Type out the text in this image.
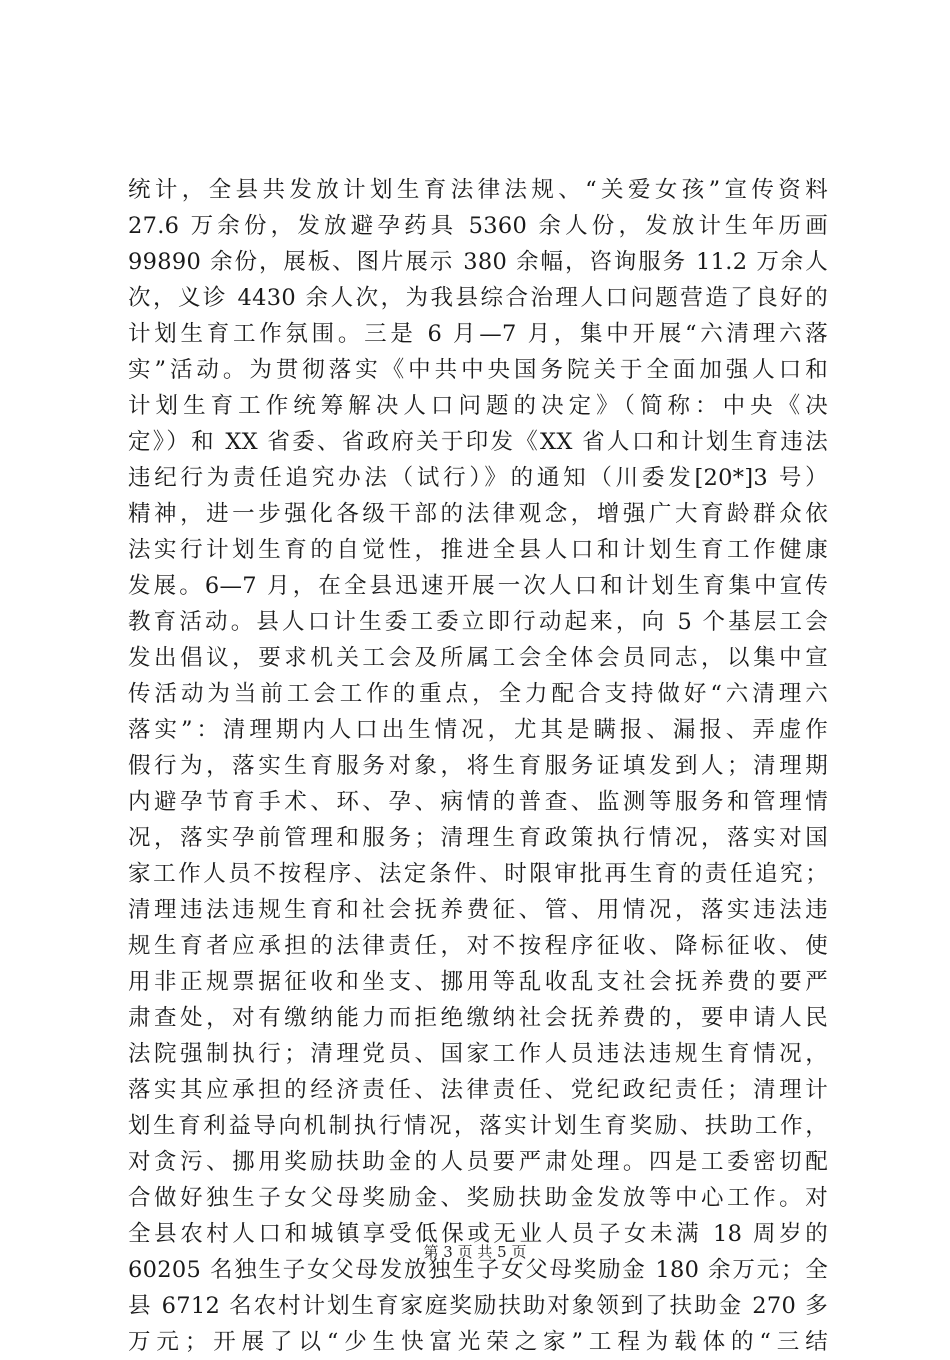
统计，全县共发放计划生育法律法规、“关爱女孩”宣传资料
27.6 万余份，发放避孕药具 5360 余人份，发放计生年历画
99890 余份，展板、图片展示 380 余幅，咨询服务 11.2 万余人
次，义诊 4430 余人次，为我县综合治理人口问题营造了良好的
计划生育工作氛围。三是 6 月—7 月，集中开展“六清理六落
实”活动。为贯彻落实《中共中央国务院关于全面加强人口和
计划生育工作统筹解决人口问题的决定》（简称：中央《决
定》）和 XX 省委、省政府关于印发《XX 省人口和计划生育违法
违纪行为责任追究办法（试行）》的通知（川委发[20*]3 号）
精神，进一步强化各级干部的法律观念，增强广大育龄群众依
法实行计划生育的自觉性，推进全县人口和计划生育工作健康
发展。6—7 月，在全县迅速开展一次人口和计划生育集中宣传
教育活动。县人口计生委工委立即行动起来，向 5 个基层工会
发出倡议，要求机关工会及所属工会全体会员同志，以集中宣
传活动为当前工会工作的重点，全力配合支持做好“六清理六
落实”：清理期内人口出生情况，尤其是瞒报、漏报、弄虚作
假行为，落实生育服务对象，将生育服务证填发到人；清理期
内避孕节育手术、环、孕、病情的普查、监测等服务和管理情
况，落实孕前管理和服务；清理生育政策执行情况，落实对国
家工作人员不按程序、法定条件、时限审批再生育的责任追究；
清理违法违规生育和社会抚养费征、管、用情况，落实违法违
规生育者应承担的法律责任，对不按程序征收、降标征收、使
用非正规票据征收和坐支、挪用等乱收乱支社会抚养费的要严
肃查处，对有缴纳能力而拒绝缴纳社会抚养费的，要申请人民
法院强制执行；清理党员、国家工作人员违法违规生育情况，
落实其应承担的经济责任、法律责任、党纪政纪责任；清理计
划生育利益导向机制执行情况，落实计划生育奖励、扶助工作，
对贪污、挪用奖励扶助金的人员要严肃处理。四是工委密切配
合做好独生子女父母奖励金、奖励扶助金发放等中心工作。对
全县农村人口和城镇享受低保或无业人员子女未满 18 周岁的
60205 名独生子女父母发放独生子女父母奖励金 180 余万元；全
县 6712 名农村计划生育家庭奖励扶助对象领到了扶助金 270 多
万元；开展了以“少生快富光荣之家”工程为载体的“三结
第 3 页 共 5 页
